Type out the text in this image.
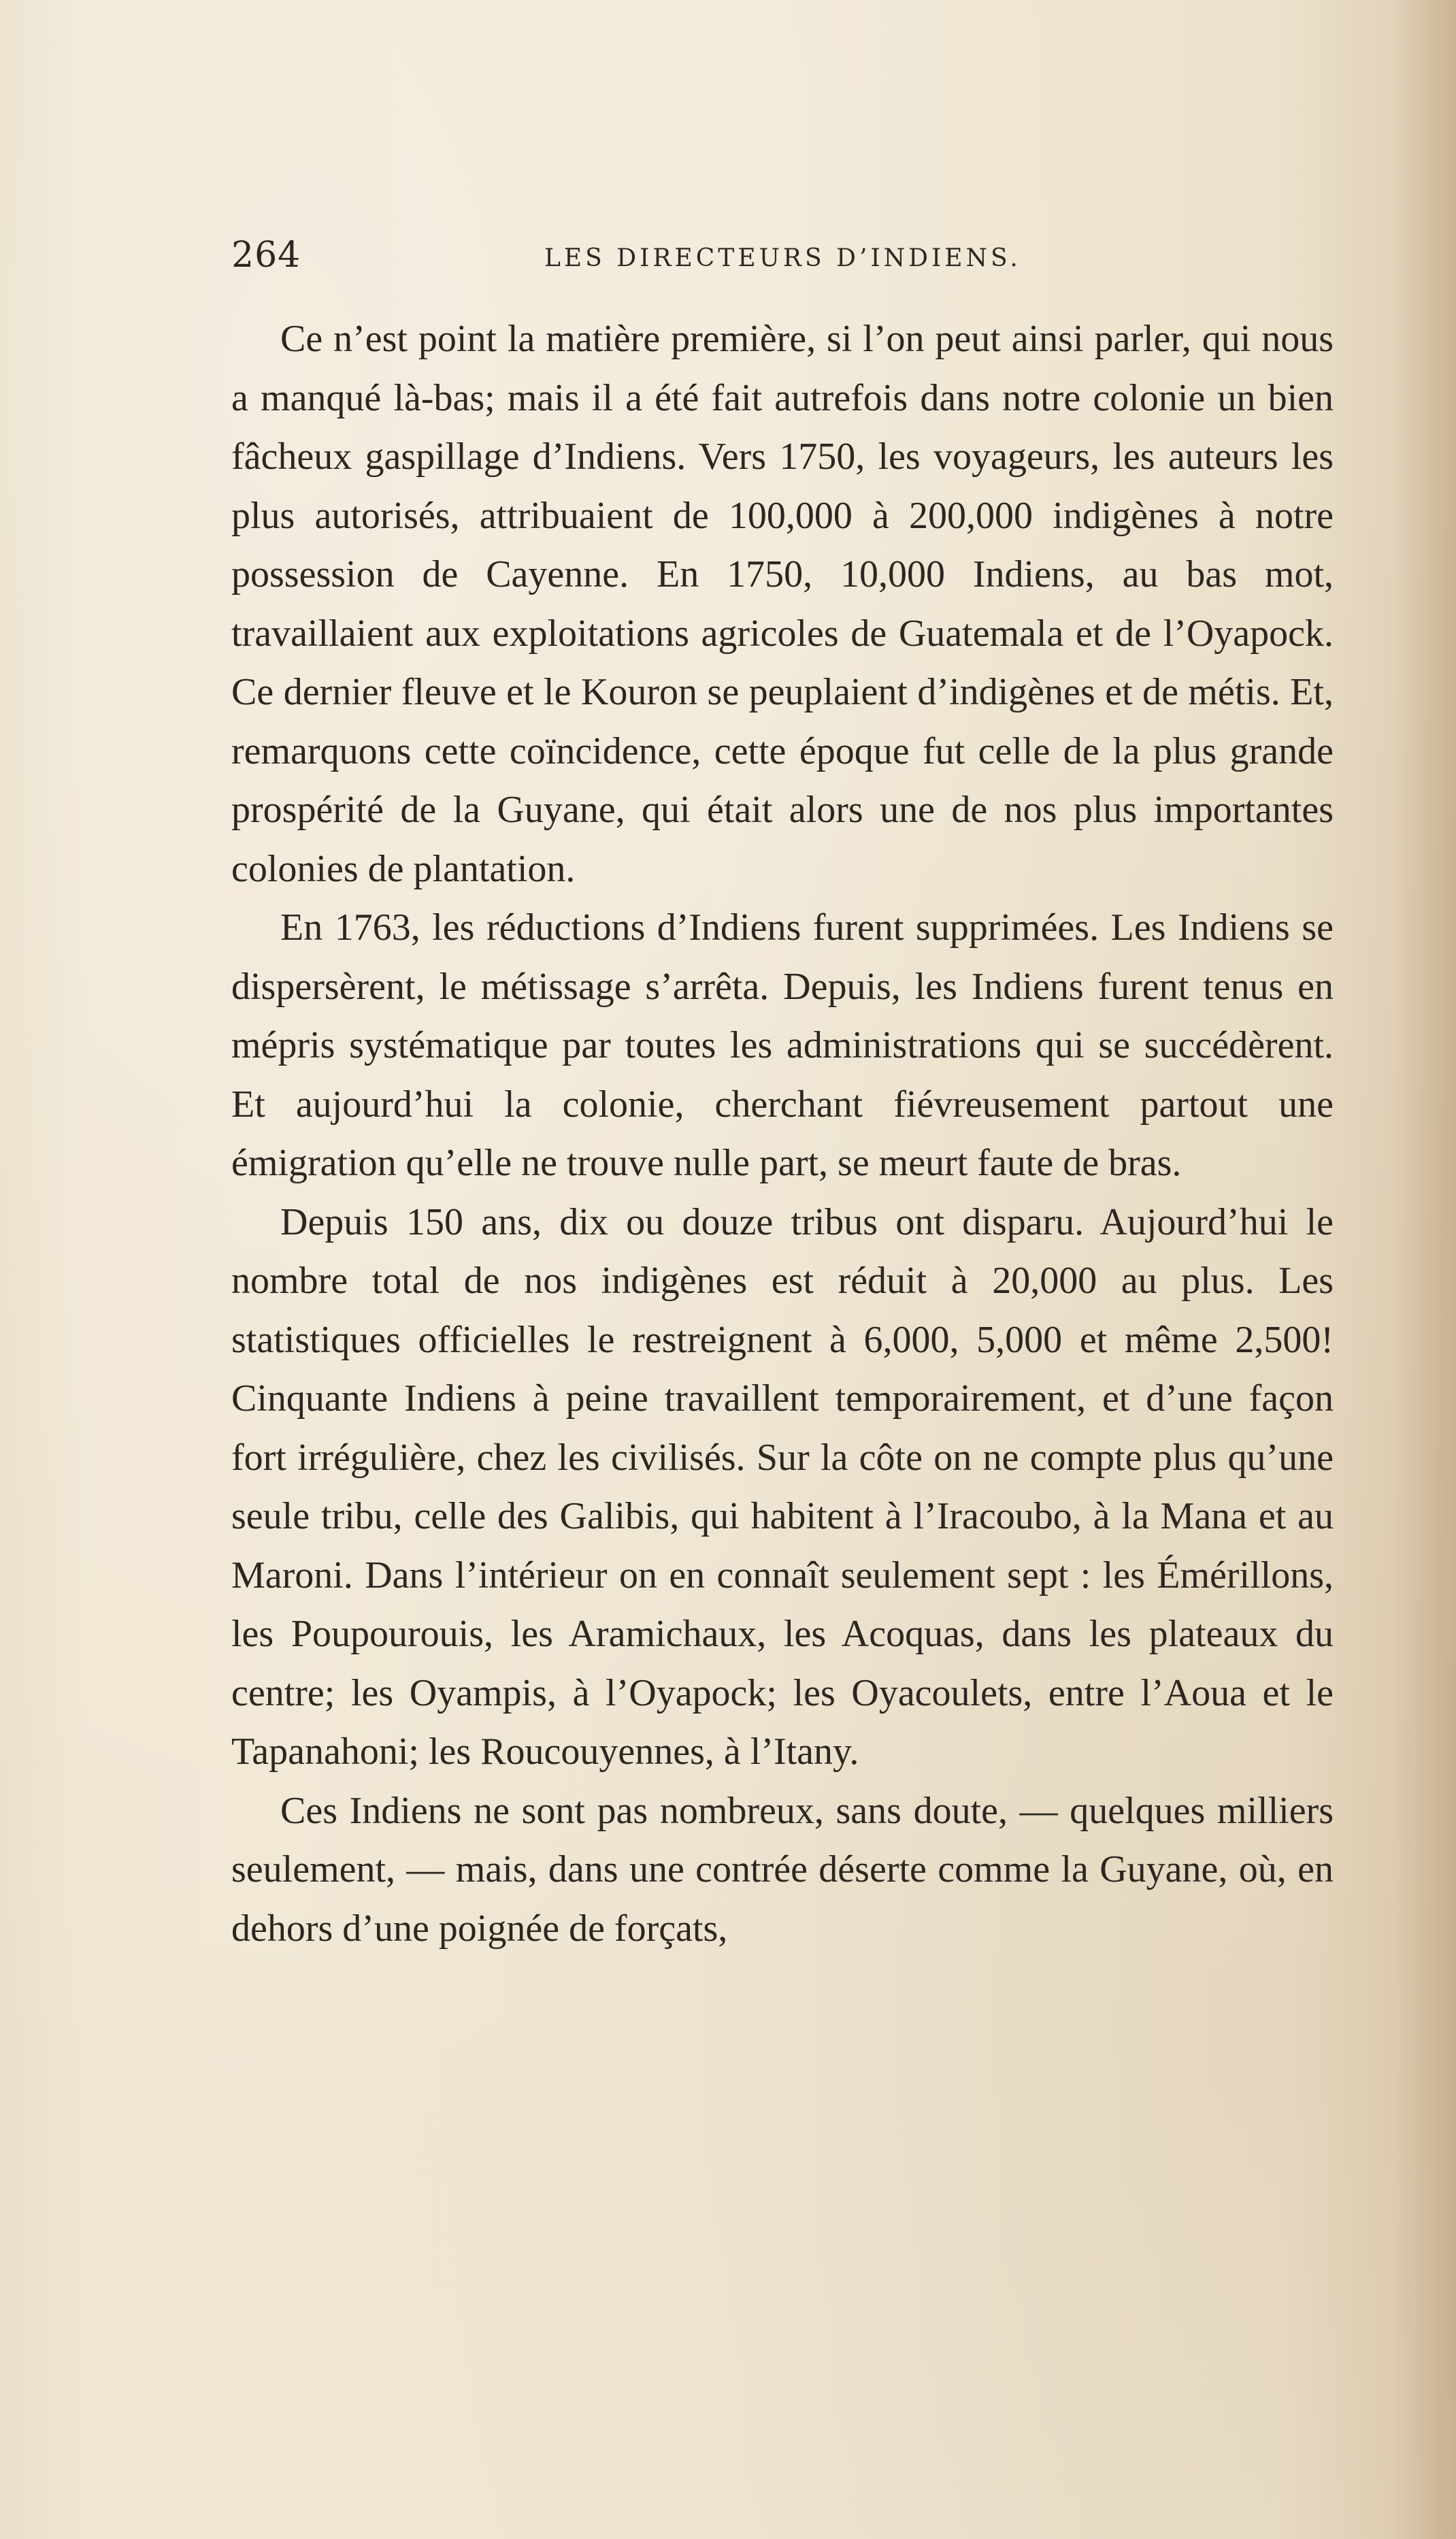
264	LES DIRECTEURS D’INDIENS.

Ce n’est point la matière première, si l’on peut ainsi parler, qui nous a manqué là-bas; mais il a été fait autrefois dans notre colonie un bien fâcheux gaspillage d’Indiens. Vers 1750, les voyageurs, les auteurs les plus autorisés, attribuaient de 100,000 à 200,000 indigènes à notre possession de Cayenne. En 1750, 10,000 Indiens, au bas mot, travaillaient aux exploitations agricoles de Guatemala et de l’Oyapock. Ce dernier fleuve et le Kouron se peuplaient d’indigènes et de métis. Et, remarquons cette coïncidence, cette époque fut celle de la plus grande prospérité de la Guyane, qui était alors une de nos plus importantes colonies de plantation.

En 1763, les réductions d’Indiens furent supprimées. Les Indiens se dispersèrent, le métissage s’arrêta. Depuis, les Indiens furent tenus en mépris systématique par toutes les administrations qui se succédèrent. Et aujourd’hui la colonie, cherchant fiévreusement partout une émigration qu’elle ne trouve nulle part, se meurt faute de bras.

Depuis 150 ans, dix ou douze tribus ont disparu. Aujourd’hui le nombre total de nos indigènes est réduit à 20,000 au plus. Les statistiques officielles le restreignent à 6,000, 5,000 et même 2,500! Cinquante Indiens à peine travaillent temporairement, et d’une façon fort irrégulière, chez les civilisés. Sur la côte on ne compte plus qu’une seule tribu, celle des Galibis, qui habitent à l’Iracoubo, à la Mana et au Maroni. Dans l’intérieur on en connaît seulement sept : les Émérillons, les Poupourouis, les Aramichaux, les Acoquas, dans les plateaux du centre; les Oyampis, à l’Oyapock; les Oyacoulets, entre l’Aoua et le Tapanahoni; les Roucouyennes, à l’Itany.

Ces Indiens ne sont pas nombreux, sans doute, — quelques milliers seulement, — mais, dans une contrée déserte comme la Guyane, où, en dehors d’une poignée de forçats,
